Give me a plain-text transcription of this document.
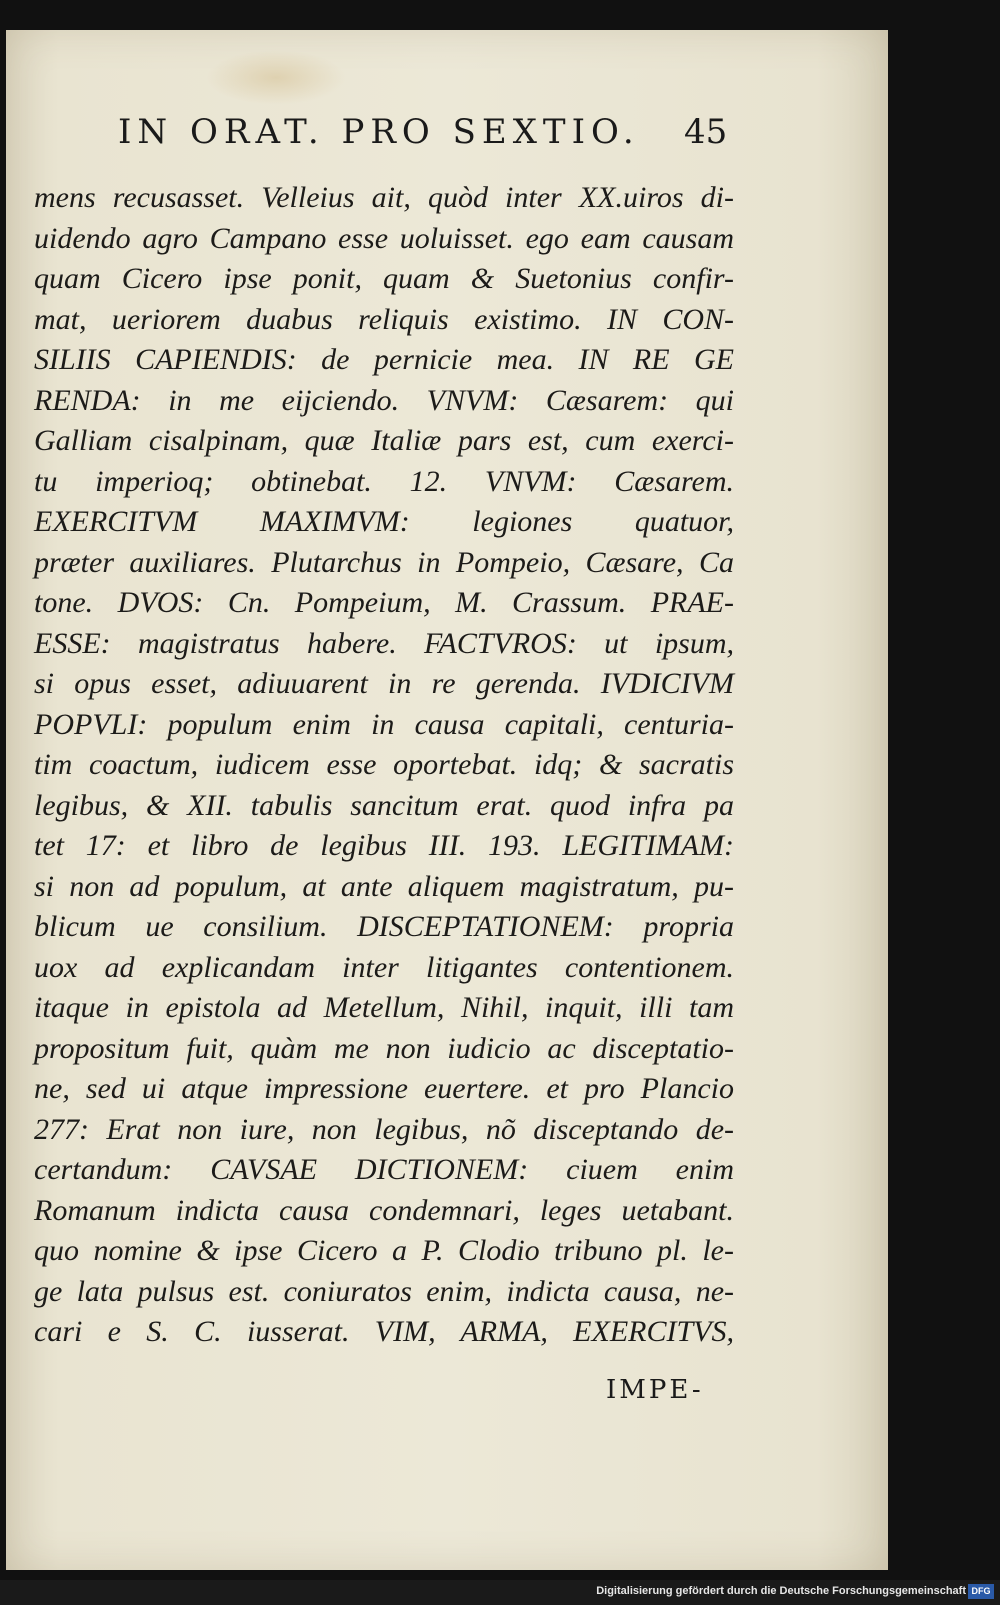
IN ORAT. PRO SEXTIO. 45
mens recusasset. Velleius ait, quòd inter XX.uiros di-
uidendo agro Campano esse uoluisset. ego eam causam
quam Cicero ipse ponit, quam & Suetonius confir-
mat, ueriorem duabus reliquis existimo. IN CON-
SILIIS CAPIENDIS: de pernicie mea. IN RE GE
RENDA: in me eijciendo. VNVM: Cæsarem: qui
Galliam cisalpinam, quæ Italiæ pars est, cum exerci-
tu imperioq; obtinebat. 12. VNVM: Cæsarem.
EXERCITVM MAXIMVM: legiones quatuor,
præter auxiliares. Plutarchus in Pompeio, Cæsare, Ca
tone. DVOS: Cn. Pompeium, M. Crassum. PRAE-
ESSE: magistratus habere. FACTVROS: ut ipsum,
si opus esset, adiuuarent in re gerenda. IVDICIVM
POPVLI: populum enim in causa capitali, centuria-
tim coactum, iudicem esse oportebat. idq; & sacratis
legibus, & XII. tabulis sancitum erat. quod infra pa
tet 17: et libro de legibus III. 193. LEGITIMAM:
si non ad populum, at ante aliquem magistratum, pu-
blicum ue consilium. DISCEPTATIONEM: propria
uox ad explicandam inter litigantes contentionem.
itaque in epistola ad Metellum, Nihil, inquit, illi tam
propositum fuit, quàm me non iudicio ac disceptatio-
ne, sed ui atque impressione euertere. et pro Plancio
277: Erat non iure, non legibus, nõ disceptando de-
certandum: CAVSAE DICTIONEM: ciuem enim
Romanum indicta causa condemnari, leges uetabant.
quo nomine & ipse Cicero a P. Clodio tribuno pl. le-
ge lata pulsus est. coniuratos enim, indicta causa, ne-
cari e S. C. iusserat. VIM, ARMA, EXERCITVS,
IMPE-
Digitalisierung gefördert durch die Deutsche Forschungsgemeinschaft DFG
